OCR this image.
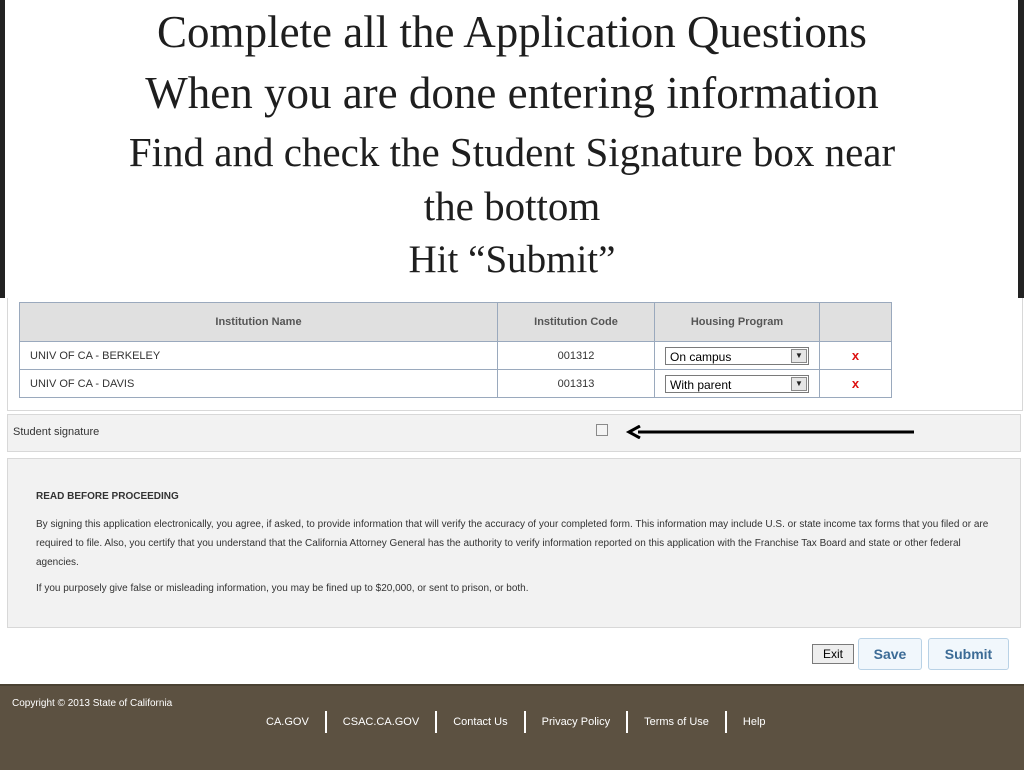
Complete all the Application Questions
When you are done entering information
Find and check the Student Signature box near
the bottom
Hit “Submit”
Institution Name	Institution Code	Housing Program	
UNIV OF CA - BERKELEY	001312	On campus ▼	x
UNIV OF CA - DAVIS	001313	With parent ▼	x
Student signature
READ BEFORE PROCEEDING

By signing this application electronically, you agree, if asked, to provide information that will verify the accuracy of your completed form. This information may include U.S. or state income tax forms that you filed or are required to file. Also, you certify that you understand that the California Attorney General has the authority to verify information reported on this application with the Franchise Tax Board and state or other federal agencies.

If you purposely give false or misleading information, you may be fined up to $20,000, or sent to prison, or both.

Exit	Save	Submit
Copyright © 2013 State of California
CA.GOV	CSAC.CA.GOV	Contact Us	Privacy Policy	Terms of Use	Help
